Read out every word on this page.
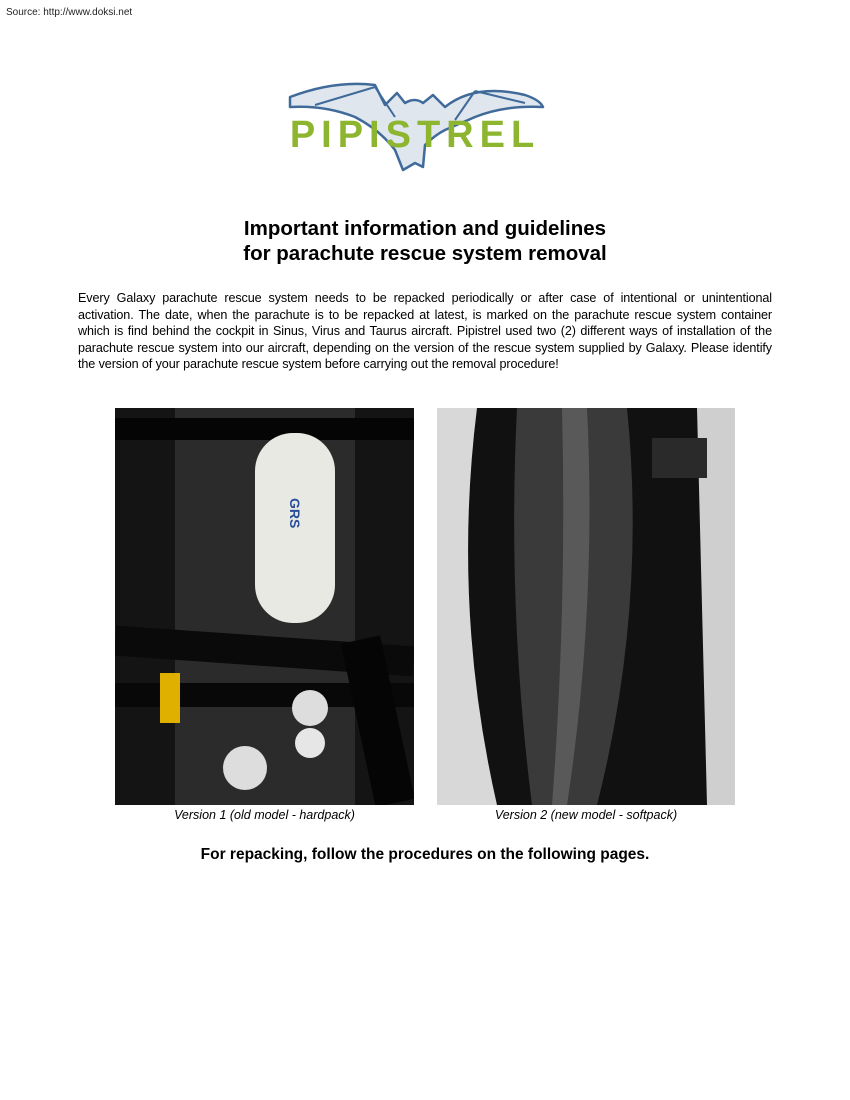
Source: http://www.doksi.net
PIPISTREL
Important information and guidelines
for parachute rescue system removal
Every Galaxy parachute rescue system needs to be repacked periodically or after case of intentional or unintentional activation. The date, when the parachute is to be repacked at latest, is marked on the parachute rescue system container which is find behind the cockpit in Sinus, Virus and Taurus aircraft. Pipistrel used two (2) different ways of installation of the parachute rescue system into our aircraft, depending on the version of the rescue system supplied by Galaxy. Please identify the version of your parachute rescue system before carrying out the removal procedure!
GRS
Version 1 (old model - hardpack)	Version 2 (new model - softpack)
For repacking, follow the procedures on the following pages.
